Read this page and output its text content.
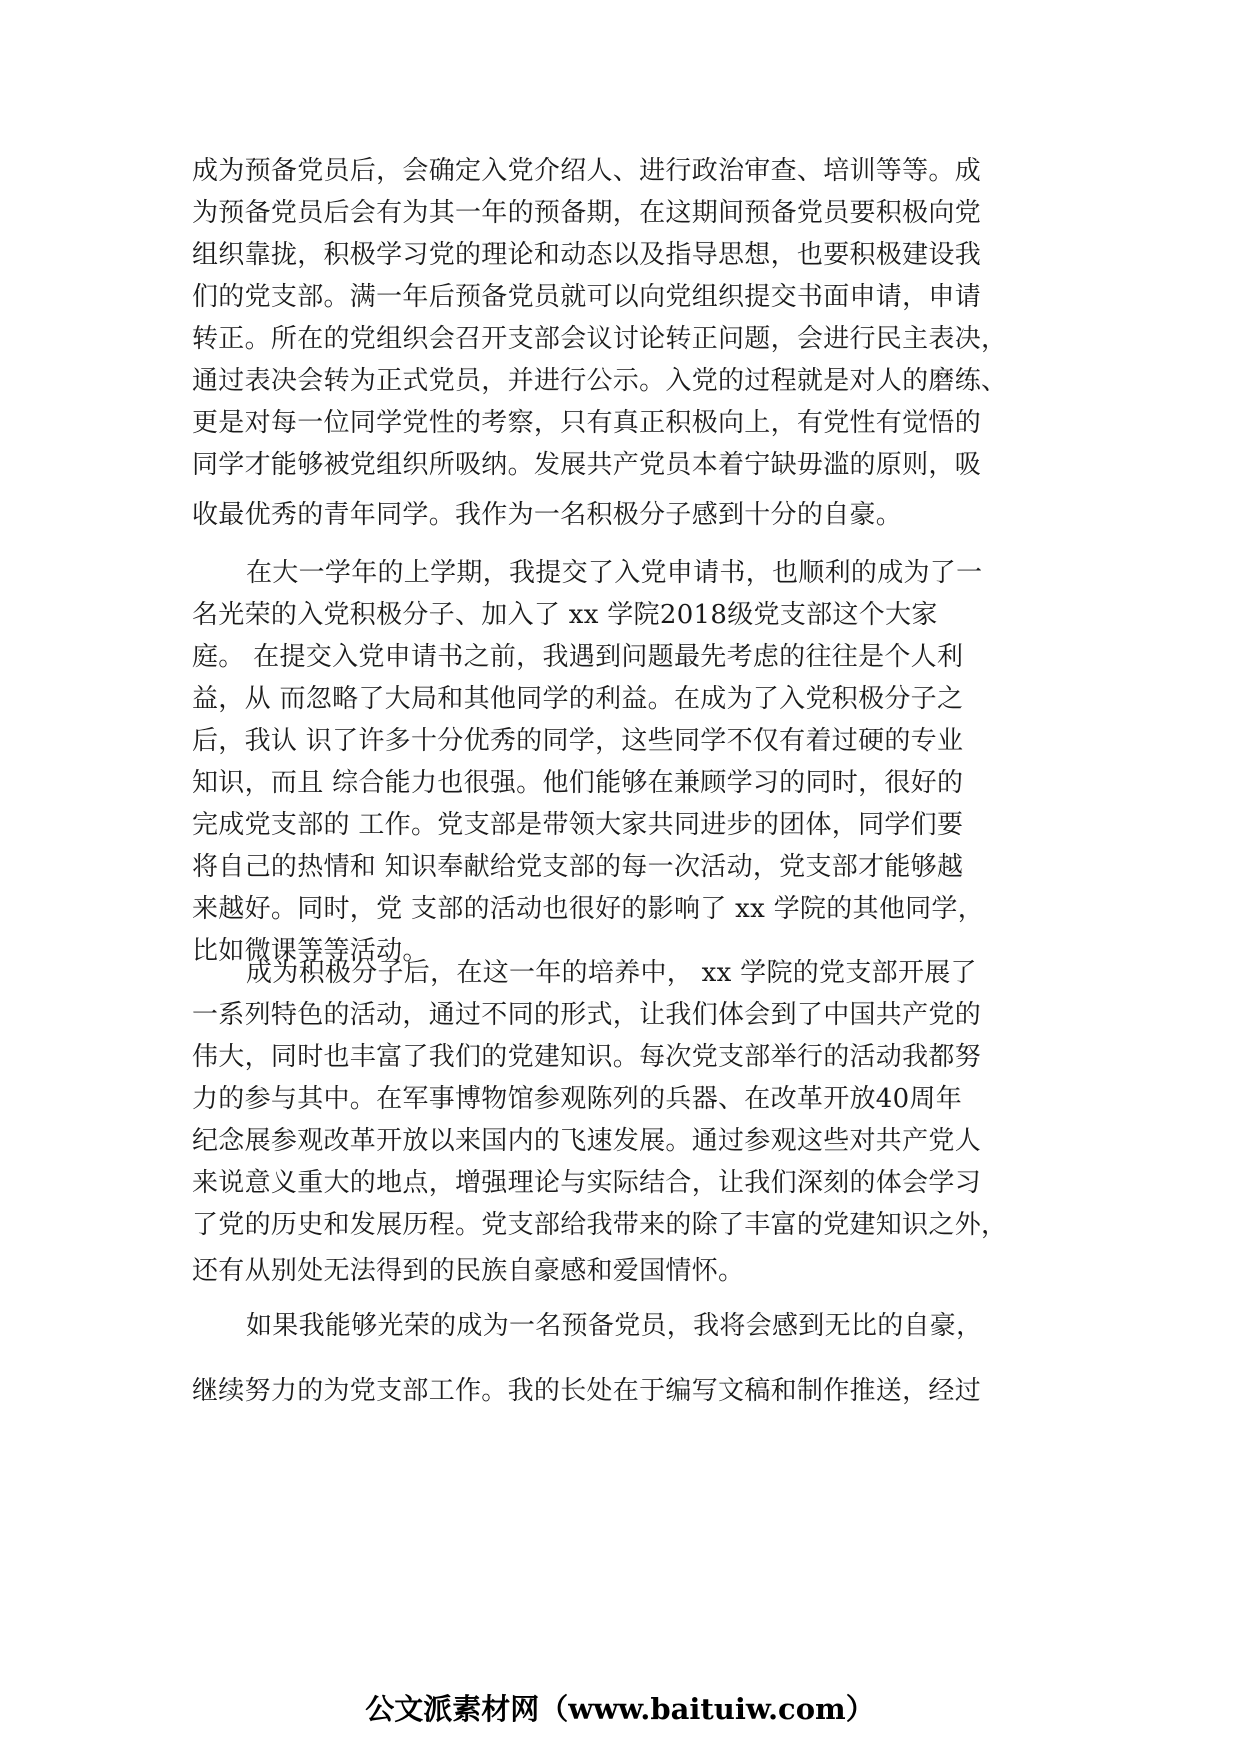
成为预备党员后，会确定入党介绍人、进行政治审查、培训等等。成
为预备党员后会有为其一年的预备期，在这期间预备党员要积极向党
组织靠拢，积极学习党的理论和动态以及指导思想，也要积极建设我
们的党支部。满一年后预备党员就可以向党组织提交书面申请，申请
转正。所在的党组织会召开支部会议讨论转正问题，会进行民主表决，
通过表决会转为正式党员，并进行公示。入党的过程就是对人的磨练、
更是对每一位同学党性的考察，只有真正积极向上，有党性有觉悟的
同学才能够被党组织所吸纳。发展共产党员本着宁缺毋滥的原则，吸
收最优秀的青年同学。我作为一名积极分子感到十分的自豪。
在大一学年的上学期，我提交了入党申请书，也顺利的成为了一
名光荣的入党积极分子、加入了 xx 学院2018级党支部这个大家
庭。 在提交入党申请书之前，我遇到问题最先考虑的往往是个人利
益，从 而忽略了大局和其他同学的利益。在成为了入党积极分子之
后，我认 识了许多十分优秀的同学，这些同学不仅有着过硬的专业
知识，而且 综合能力也很强。他们能够在兼顾学习的同时，很好的
完成党支部的 工作。党支部是带领大家共同进步的团体，同学们要
将自己的热情和 知识奉献给党支部的每一次活动，党支部才能够越
来越好。同时，党 支部的活动也很好的影响了 xx 学院的其他同学，
比如微课等等活动。
成为积极分子后，在这一年的培养中， xx 学院的党支部开展了
一系列特色的活动，通过不同的形式，让我们体会到了中国共产党的
伟大，同时也丰富了我们的党建知识。每次党支部举行的活动我都努
力的参与其中。在军事博物馆参观陈列的兵器、在改革开放40周年
纪念展参观改革开放以来国内的飞速发展。通过参观这些对共产党人
来说意义重大的地点，增强理论与实际结合，让我们深刻的体会学习
了党的历史和发展历程。党支部给我带来的除了丰富的党建知识之外，
还有从别处无法得到的民族自豪感和爱国情怀。
如果我能够光荣的成为一名预备党员，我将会感到无比的自豪，
继续努力的为党支部工作。我的长处在于编写文稿和制作推送，经过
公文派素材网（www.baituiw.com）
